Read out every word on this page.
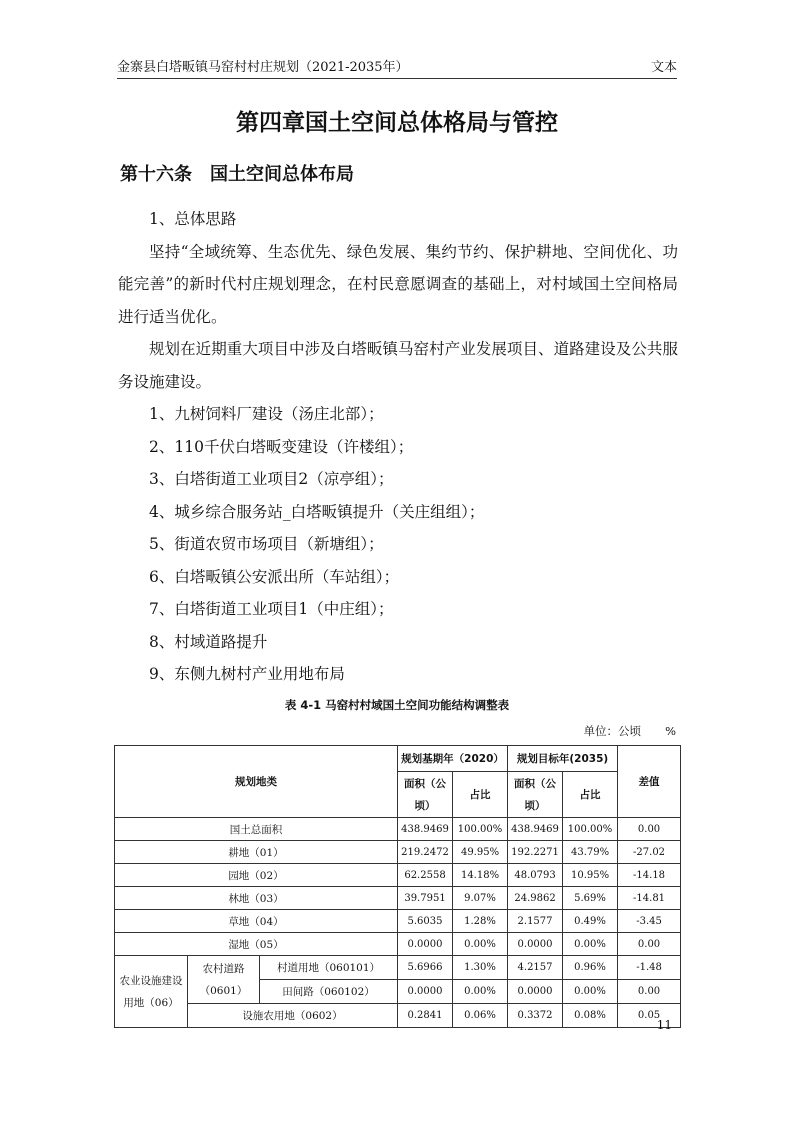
金寨县白塔畈镇马窑村村庄规划（2021-2035年）	文本
第四章国土空间总体格局与管控
第十六条　国土空间总体布局

1、总体思路

坚持“全域统筹、生态优先、绿色发展、集约节约、保护耕地、空间优化、功能完善”的新时代村庄规划理念，在村民意愿调查的基础上，对村域国土空间格局进行适当优化。

规划在近期重大项目中涉及白塔畈镇马窑村产业发展项目、道路建设及公共服务设施建设。

1、九树饲料厂建设（汤庄北部）；
2、110千伏白塔畈变建设（许楼组）；
3、白塔街道工业项目2（凉亭组）；
4、城乡综合服务站_白塔畈镇提升（关庄组组）；
5、街道农贸市场项目（新塘组）；
6、白塔畈镇公安派出所（车站组）；
7、白塔街道工业项目1（中庄组）；
8、村域道路提升
9、东侧九树村产业用地布局
表 4-1 马窑村村域国土空间功能结构调整表
单位：公顷 %
规划地类			规划基期年（2020）		规划目标年(2035)		差值
			面积（公顷）	占比	面积（公顷）	占比	
国土总面积			438.9469	100.00%	438.9469	100.00%	0.00
耕地（01）			219.2472	49.95%	192.2271	43.79%	-27.02
园地（02）			62.2558	14.18%	48.0793	10.95%	-14.18
林地（03）			39.7951	9.07%	24.9862	5.69%	-14.81
草地（04）			5.6035	1.28%	2.1577	0.49%	-3.45
湿地（05）			0.0000	0.00%	0.0000	0.00%	0.00
农业设施建设用地（06）	农村道路（0601）	村道用地（060101）	5.6966	1.30%	4.2157	0.96%	-1.48
		田间路（060102）	0.0000	0.00%	0.0000	0.00%	0.00
	设施农用地（0602）		0.2841	0.06%	0.3372	0.08%	0.05
11
